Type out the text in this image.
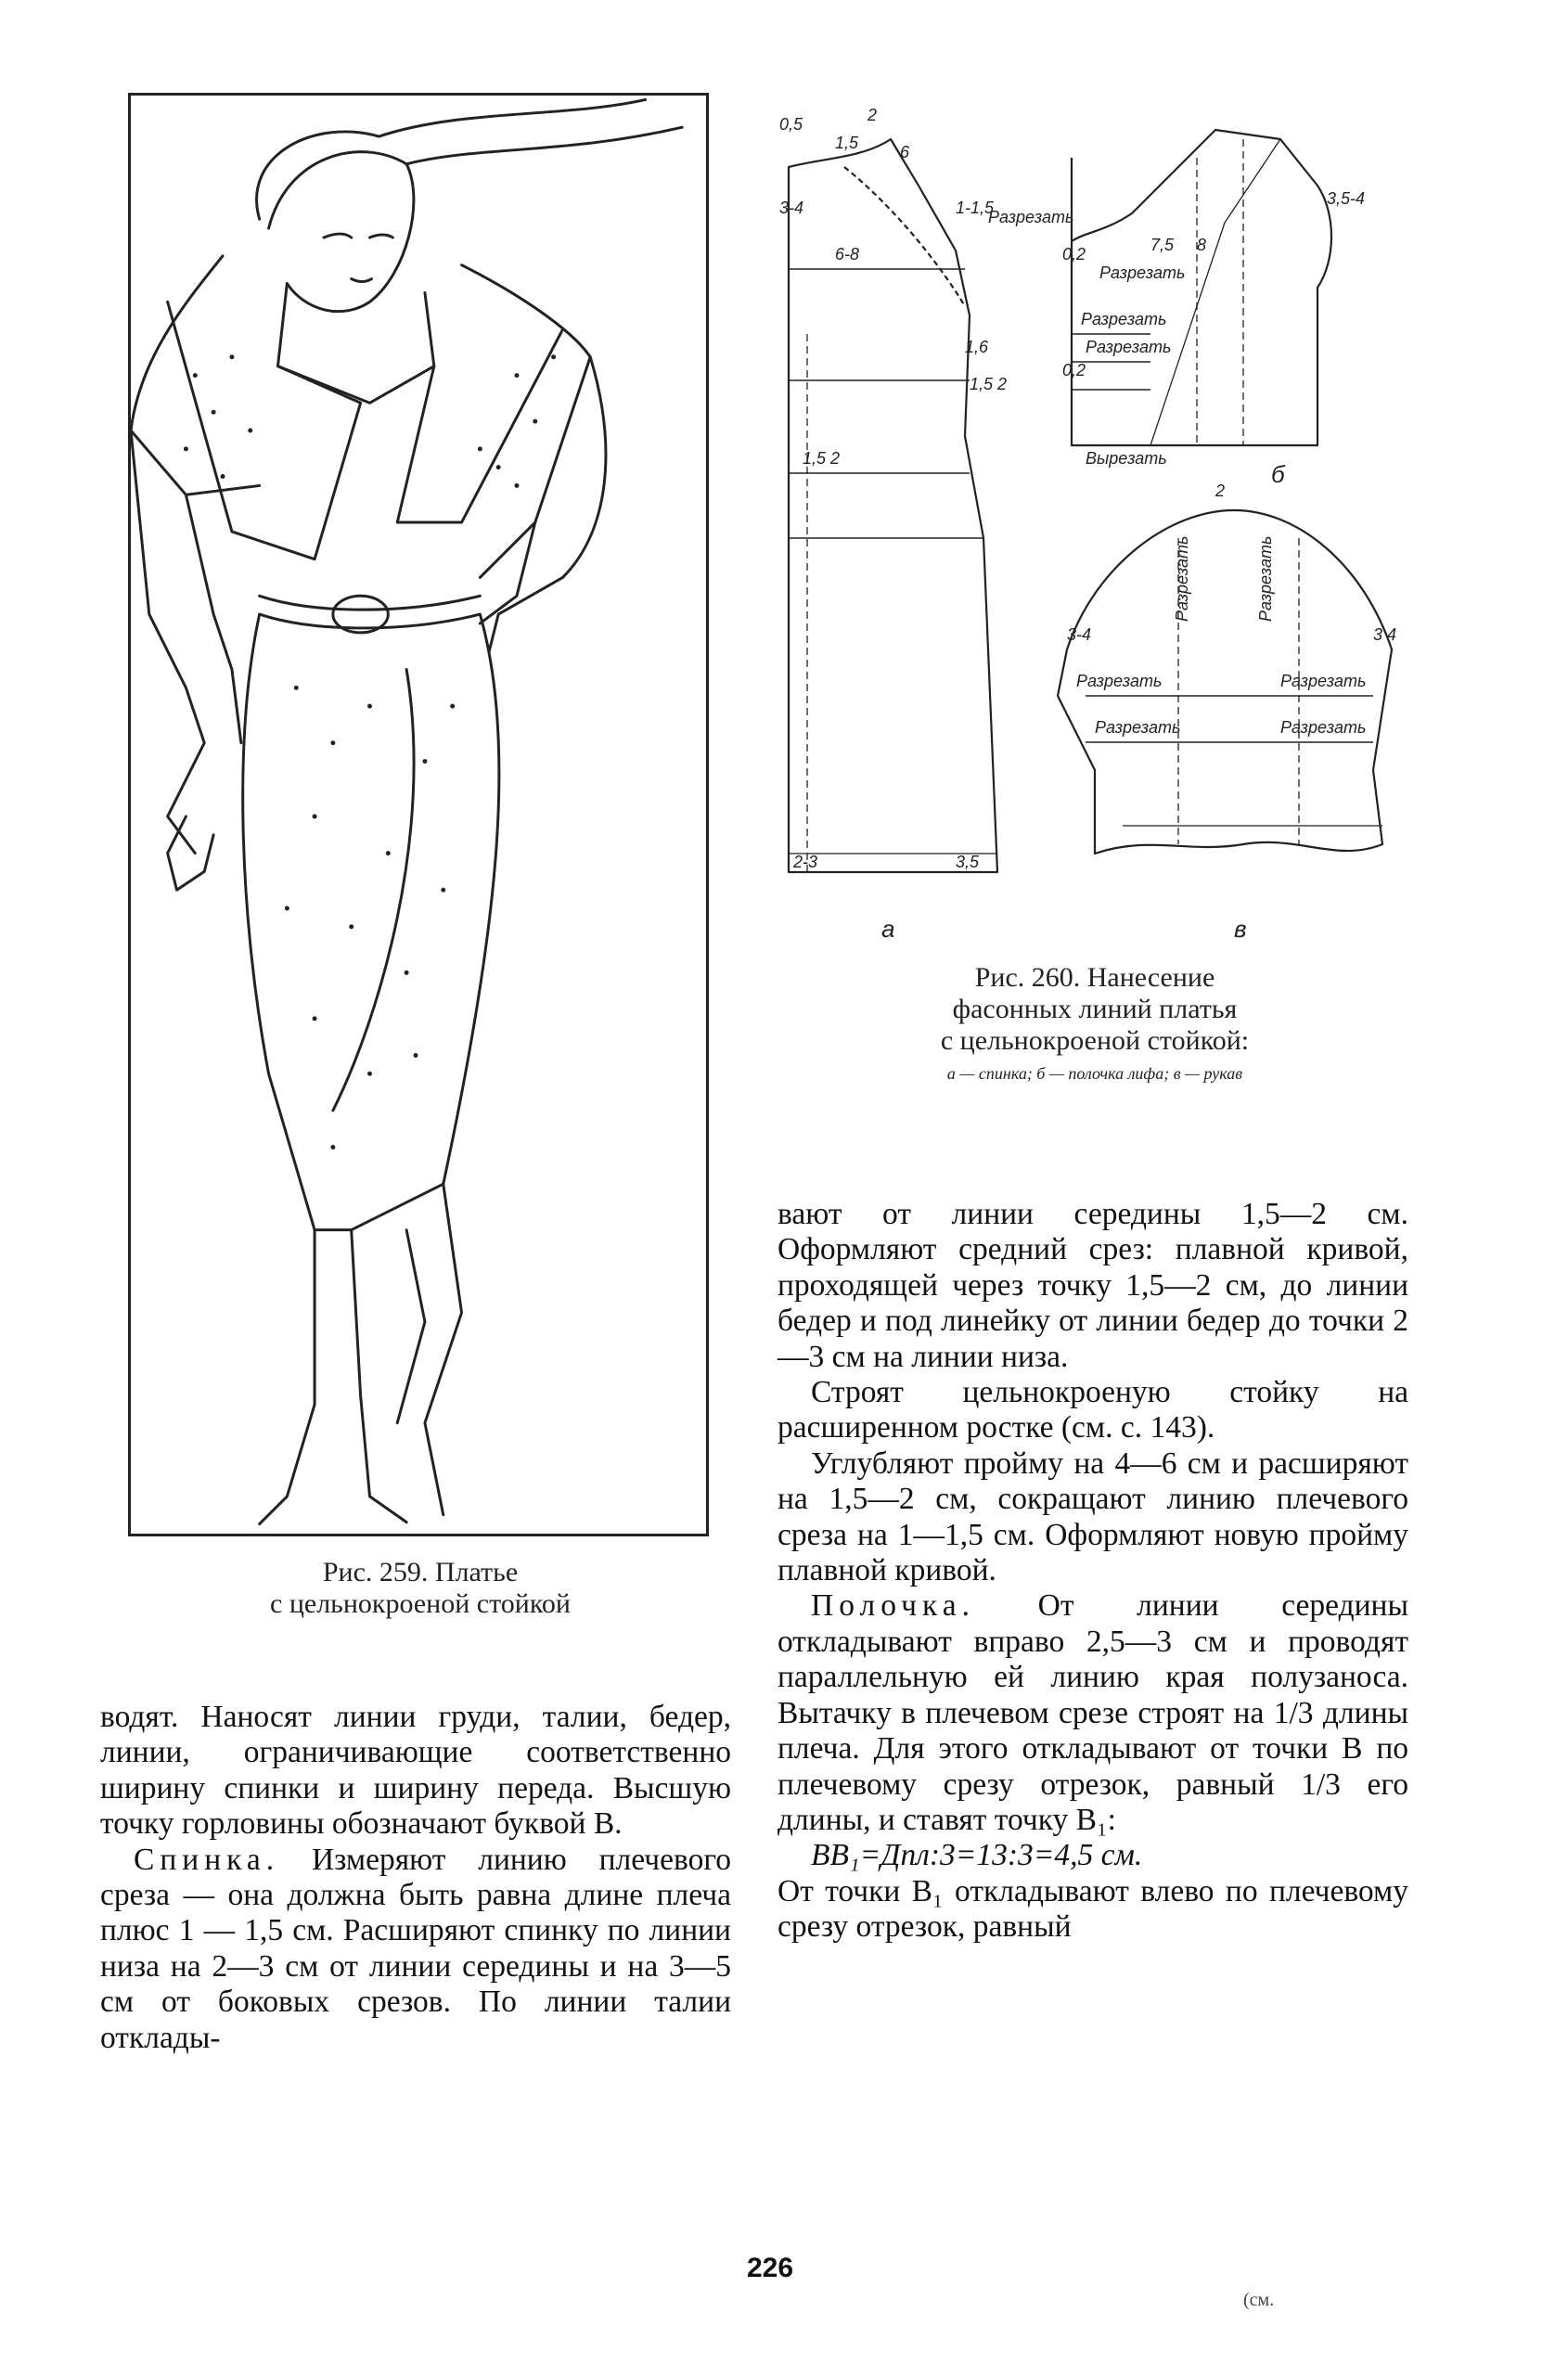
Рис. 259. Платье
с цельнокроеной стойкой
0,5	2
1,5 6
3-4
6-8
1-1,5
1,6
1,5 2
1,5 2
2-3	3,5
Разрезать
Разрезать
Разрезать
Разрезать
Вырезать
3,5-4
7,5 8
0,2
0,2
2
3-4	3 4
Разрезать	Разрезать
Разрезать	Разрезать
Разрезать	Разрезать
а
б
в
Рис. 260. Нанесение
фасонных линий платья
с цельнокроеной стойкой:
а — спинка; б — полочка лифа; в — рукав

вают от линии середины 1,5—2 см. Оформляют средний срез: плавной кривой, проходящей через точку 1,5—2 см, до линии бедер и под линейку от линии бедер до точки 2—3 см на линии низа.

Строят цельнокроеную стойку на расширенном ростке (см. с. 143).

Углубляют пройму на 4—6 см и расширяют на 1,5—2 см, сокращают линию плечевого среза на 1—1,5 см. Оформляют новую пройму плавной кривой.

Полочка. От линии середины откладывают вправо 2,5—3 см и проводят параллельную ей линию края полузаноса. Вытачку в плечевом срезе строят на 1/3 длины плеча. Для этого откладывают от точки В по плечевому срезу отрезок, равный 1/3 его длины, и ставят точку В₁:

ВВ₁=Дпл:3=13:3=4,5 см.

От точки В₁ откладывают влево по плечевому срезу отрезок, равный

водят. Наносят линии груди, талии, бедер, линии, ограничивающие соответственно ширину спинки и ширину переда. Высшую точку горловины обозначают буквой В.

Спинка. Измеряют линию плечевого среза — она должна быть равна длине плеча плюс 1 — 1,5 см. Расширяют спинку по линии низа на 2—3 см от линии середины и на 3—5 см от боковых срезов. По линии талии отклады-

226
(см.
